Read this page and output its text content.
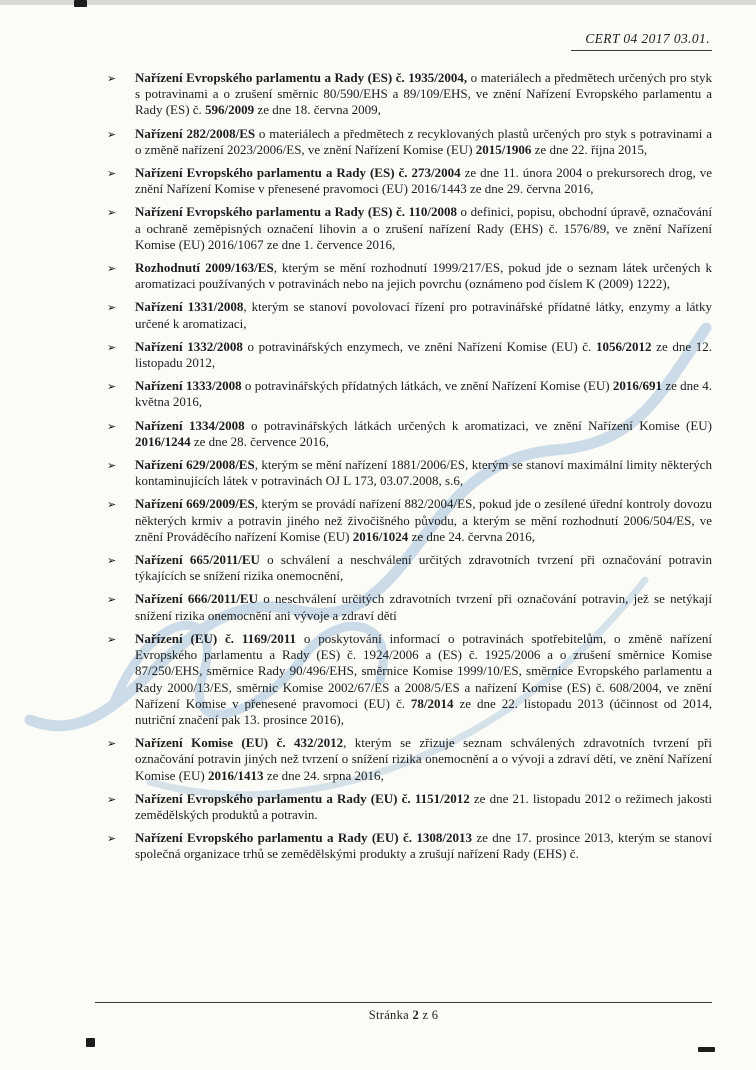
CERT 04 2017 03.01.
➢ Nařízení Evropského parlamentu a Rady (ES) č. 1935/2004, o materiálech a předmětech určených pro styk s potravinami a o zrušení směrnic 80/590/EHS a 89/109/EHS, ve znění Nařízení Evropského parlamentu a Rady (ES) č. 596/2009 ze dne 18. června 2009,
➢ Nařízení 282/2008/ES o materiálech a předmětech z recyklovaných plastů určených pro styk s potravinami a o změně nařízení 2023/2006/ES, ve znění Nařízení Komise (EU) 2015/1906 ze dne 22. října 2015,
➢ Nařízení Evropského parlamentu a Rady (ES) č. 273/2004 ze dne 11. února 2004 o prekursorech drog, ve znění Nařízení Komise v přenesené pravomoci (EU) 2016/1443 ze dne 29. června 2016,
➢ Nařízení Evropského parlamentu a Rady (ES) č. 110/2008 o definici, popisu, obchodní úpravě, označování a ochraně zeměpisných označení lihovin a o zrušení nařízení Rady (EHS) č. 1576/89, ve znění Nařízení Komise (EU) 2016/1067 ze dne 1. července 2016,
➢ Rozhodnutí 2009/163/ES, kterým se mění rozhodnutí 1999/217/ES, pokud jde o seznam látek určených k aromatizaci používaných v potravinách nebo na jejich povrchu (oznámeno pod číslem K (2009) 1222),
➢ Nařízení 1331/2008, kterým se stanoví povolovací řízení pro potravinářské přídatné látky, enzymy a látky určené k aromatizaci,
➢ Nařízení 1332/2008 o potravinářských enzymech, ve znění Nařízení Komise (EU) č. 1056/2012 ze dne 12. listopadu 2012,
➢ Nařízení 1333/2008 o potravinářských přídatných látkách, ve znění Nařízení Komise (EU) 2016/691 ze dne 4. května 2016,
➢ Nařízení 1334/2008 o potravinářských látkách určených k aromatizaci, ve znění Nařízení Komise (EU) 2016/1244 ze dne 28. července 2016,
➢ Nařízení 629/2008/ES, kterým se mění nařízení 1881/2006/ES, kterým se stanoví maximální limity některých kontaminujících látek v potravinách OJ L 173, 03.07.2008, s.6,
➢ Nařízení 669/2009/ES, kterým se provádí nařízení 882/2004/ES, pokud jde o zesílené úřední kontroly dovozu některých krmiv a potravin jiného než živočišného původu, a kterým se mění rozhodnutí 2006/504/ES, ve znění Prováděcího nařízení Komise (EU) 2016/1024 ze dne 24. června 2016,
➢ Nařízení 665/2011/EU o schválení a neschválení určitých zdravotních tvrzení při označování potravin týkajících se snížení rizika onemocnění,
➢ Nařízení 666/2011/EU o neschválení určitých zdravotních tvrzení při označování potravin, jež se netýkají snížení rizika onemocnění ani vývoje a zdraví dětí
➢ Nařízení (EU) č. 1169/2011 o poskytování informací o potravinách spotřebitelům, o změně nařízení Evropského parlamentu a Rady (ES) č. 1924/2006 a (ES) č. 1925/2006 a o zrušení směrnice Komise 87/250/EHS, směrnice Rady 90/496/EHS, směrnice Komise 1999/10/ES, směrnice Evropského parlamentu a Rady 2000/13/ES, směrnic Komise 2002/67/ES a 2008/5/ES a nařízení Komise (ES) č. 608/2004, ve znění Nařízení Komise v přenesené pravomoci (EU) č. 78/2014 ze dne 22. listopadu 2013 (účinnost od 2014, nutriční značení pak 13. prosince 2016),
➢ Nařízení Komise (EU) č. 432/2012, kterým se zřizuje seznam schválených zdravotních tvrzení při označování potravin jiných než tvrzení o snížení rizika onemocnění a o vývoji a zdraví dětí, ve znění Nařízení Komise (EU) 2016/1413 ze dne 24. srpna 2016,
➢ Nařízení Evropského parlamentu a Rady (EU) č. 1151/2012 ze dne 21. listopadu 2012 o režimech jakosti zemědělských produktů a potravin.
➢ Nařízení Evropského parlamentu a Rady (EU) č. 1308/2013 ze dne 17. prosince 2013, kterým se stanoví společná organizace trhů se zemědělskými produkty a zrušují nařízení Rady (EHS) č.
Stránka 2 z 6
